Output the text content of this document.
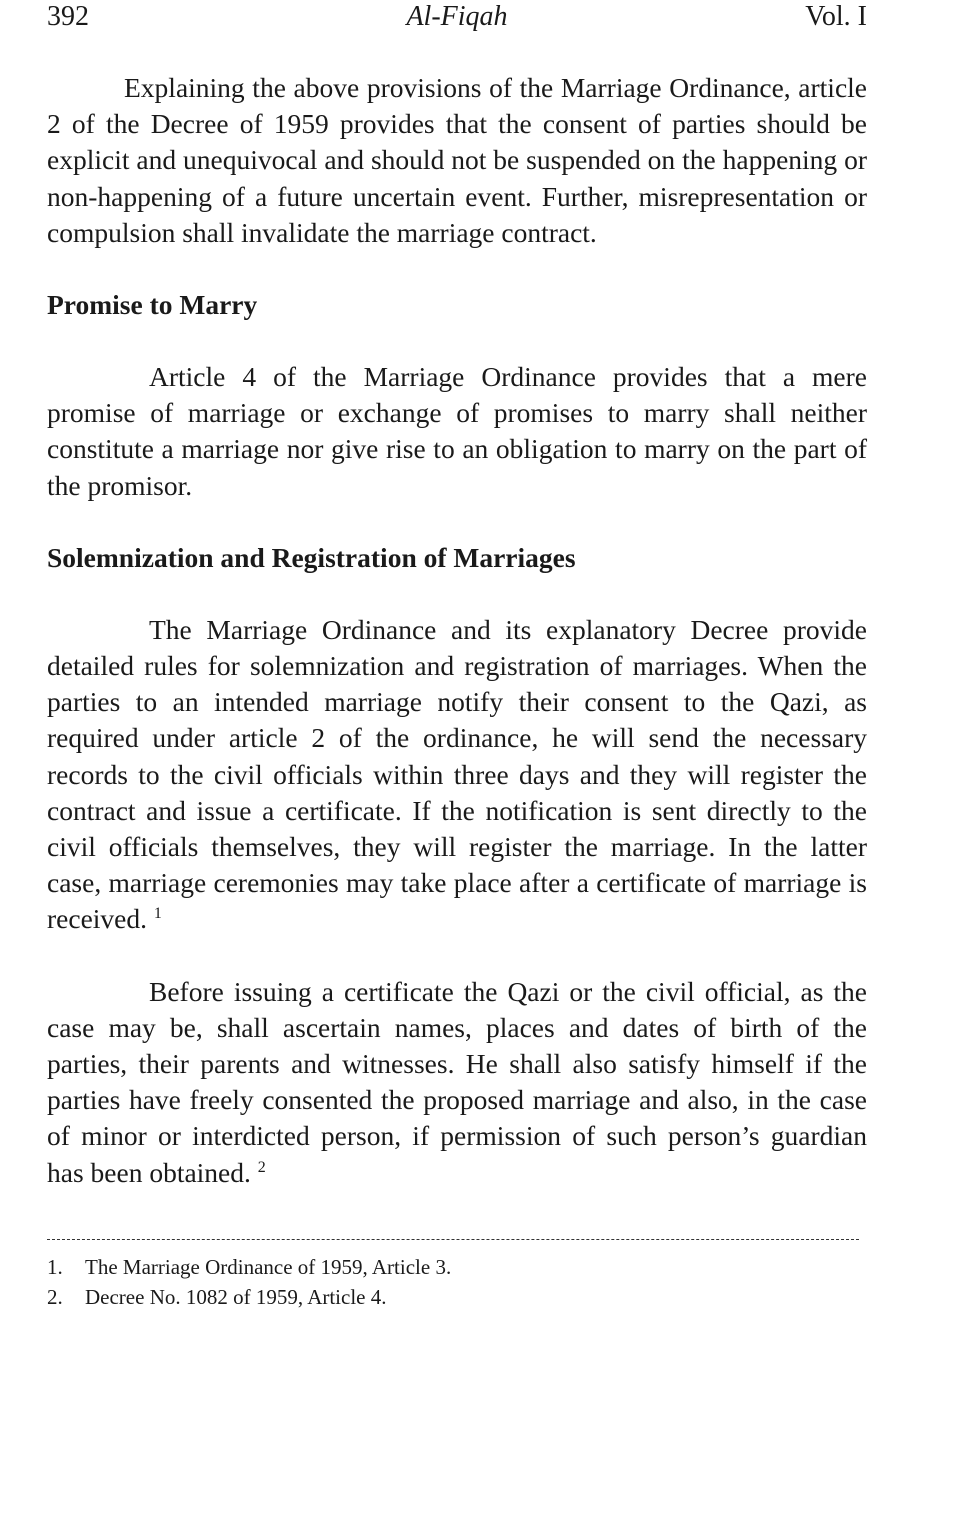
392	Al-Fiqah	Vol. I

Explaining the above provisions of the Marriage Ordinance, article 2 of the Decree of 1959 provides that the consent of parties should be explicit and unequivocal and should not be suspended on the happening or non-happening of a future uncertain event. Further, misrepresentation or compulsion shall invalidate the marriage contract.

Promise to Marry

Article 4 of the Marriage Ordinance provides that a mere promise of marriage or exchange of promises to marry shall neither constitute a marriage nor give rise to an obligation to marry on the part of the promisor.

Solemnization and Registration of Marriages

The Marriage Ordinance and its explanatory Decree provide detailed rules for solemnization and registration of marriages. When the parties to an intended marriage notify their consent to the Qazi, as required under article 2 of the ordinance, he will send the necessary records to the civil officials within three days and they will register the contract and issue a certificate. If the notification is sent directly to the civil officials themselves, they will register the marriage. In the latter case, marriage ceremonies may take place after a certificate of marriage is received. $^1$

Before issuing a certificate the Qazi or the civil official, as the case may be, shall ascertain names, places and dates of birth of the parties, their parents and witnesses. He shall also satisfy himself if the parties have freely consented the proposed marriage and also, in the case of minor or interdicted person, if permission of such person’s guardian has been obtained. $^2$

1.	The Marriage Ordinance of 1959, Article 3.
2.	Decree No. 1082 of 1959, Article 4.
